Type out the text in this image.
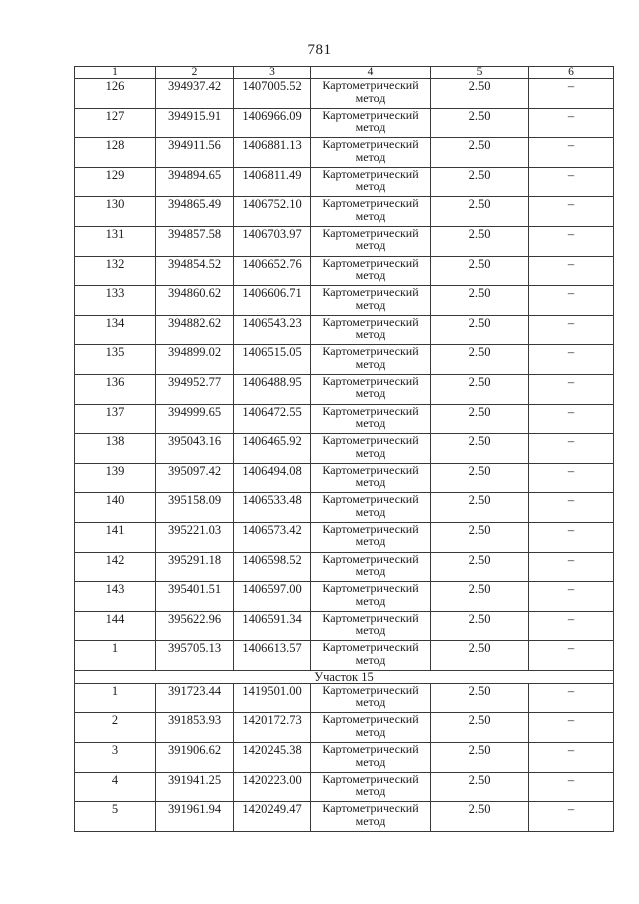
781
1	2	3	4	5	6
126	394937.42	1407005.52	Картометрический метод	2.50	–
127	394915.91	1406966.09	Картометрический метод	2.50	–
128	394911.56	1406881.13	Картометрический метод	2.50	–
129	394894.65	1406811.49	Картометрический метод	2.50	–
130	394865.49	1406752.10	Картометрический метод	2.50	–
131	394857.58	1406703.97	Картометрический метод	2.50	–
132	394854.52	1406652.76	Картометрический метод	2.50	–
133	394860.62	1406606.71	Картометрический метод	2.50	–
134	394882.62	1406543.23	Картометрический метод	2.50	–
135	394899.02	1406515.05	Картометрический метод	2.50	–
136	394952.77	1406488.95	Картометрический метод	2.50	–
137	394999.65	1406472.55	Картометрический метод	2.50	–
138	395043.16	1406465.92	Картометрический метод	2.50	–
139	395097.42	1406494.08	Картометрический метод	2.50	–
140	395158.09	1406533.48	Картометрический метод	2.50	–
141	395221.03	1406573.42	Картометрический метод	2.50	–
142	395291.18	1406598.52	Картометрический метод	2.50	–
143	395401.51	1406597.00	Картометрический метод	2.50	–
144	395622.96	1406591.34	Картометрический метод	2.50	–
1	395705.13	1406613.57	Картометрический метод	2.50	–
Участок 15					
1	391723.44	1419501.00	Картометрический метод	2.50	–
2	391853.93	1420172.73	Картометрический метод	2.50	–
3	391906.62	1420245.38	Картометрический метод	2.50	–
4	391941.25	1420223.00	Картометрический метод	2.50	–
5	391961.94	1420249.47	Картометрический метод	2.50	–
